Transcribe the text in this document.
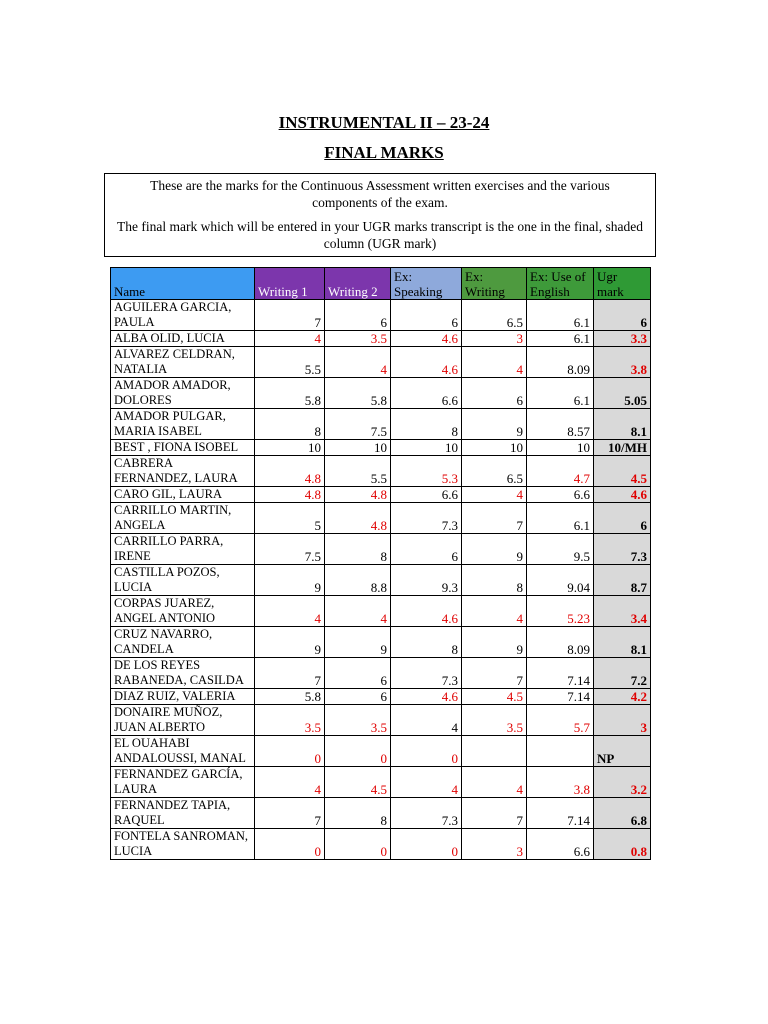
INSTRUMENTAL II – 23-24
FINAL MARKS

These are the marks for the Continuous Assessment written exercises and the various components of the exam.

The final mark which will be entered in your UGR marks transcript is the one in the final, shaded column (UGR mark)

Name	Writing 1	Writing 2	Ex: Speaking	Ex: Writing	Ex: Use of English	Ugr mark
AGUILERA GARCIA, PAULA	7	6	6	6.5	6.1	6
ALBA OLID, LUCIA	4	3.5	4.6	3	6.1	3.3
ALVAREZ CELDRAN, NATALIA	5.5	4	4.6	4	8.09	3.8
AMADOR AMADOR, DOLORES	5.8	5.8	6.6	6	6.1	5.05
AMADOR PULGAR, MARIA ISABEL	8	7.5	8	9	8.57	8.1
BEST , FIONA ISOBEL	10	10	10	10	10	10/MH
CABRERA FERNANDEZ, LAURA	4.8	5.5	5.3	6.5	4.7	4.5
CARO GIL, LAURA	4.8	4.8	6.6	4	6.6	4.6
CARRILLO MARTIN, ANGELA	5	4.8	7.3	7	6.1	6
CARRILLO PARRA, IRENE	7.5	8	6	9	9.5	7.3
CASTILLA POZOS, LUCIA	9	8.8	9.3	8	9.04	8.7
CORPAS JUAREZ, ANGEL ANTONIO	4	4	4.6	4	5.23	3.4
CRUZ NAVARRO, CANDELA	9	9	8	9	8.09	8.1
DE LOS REYES RABANEDA, CASILDA	7	6	7.3	7	7.14	7.2
DIAZ RUIZ, VALERIA	5.8	6	4.6	4.5	7.14	4.2
DONAIRE MUÑOZ, JUAN ALBERTO	3.5	3.5	4	3.5	5.7	3
EL OUAHABI ANDALOUSSI, MANAL	0	0	0			NP
FERNANDEZ GARCÍA, LAURA	4	4.5	4	4	3.8	3.2
FERNANDEZ TAPIA, RAQUEL	7	8	7.3	7	7.14	6.8
FONTELA SANROMAN, LUCIA	0	0	0	3	6.6	0.8
